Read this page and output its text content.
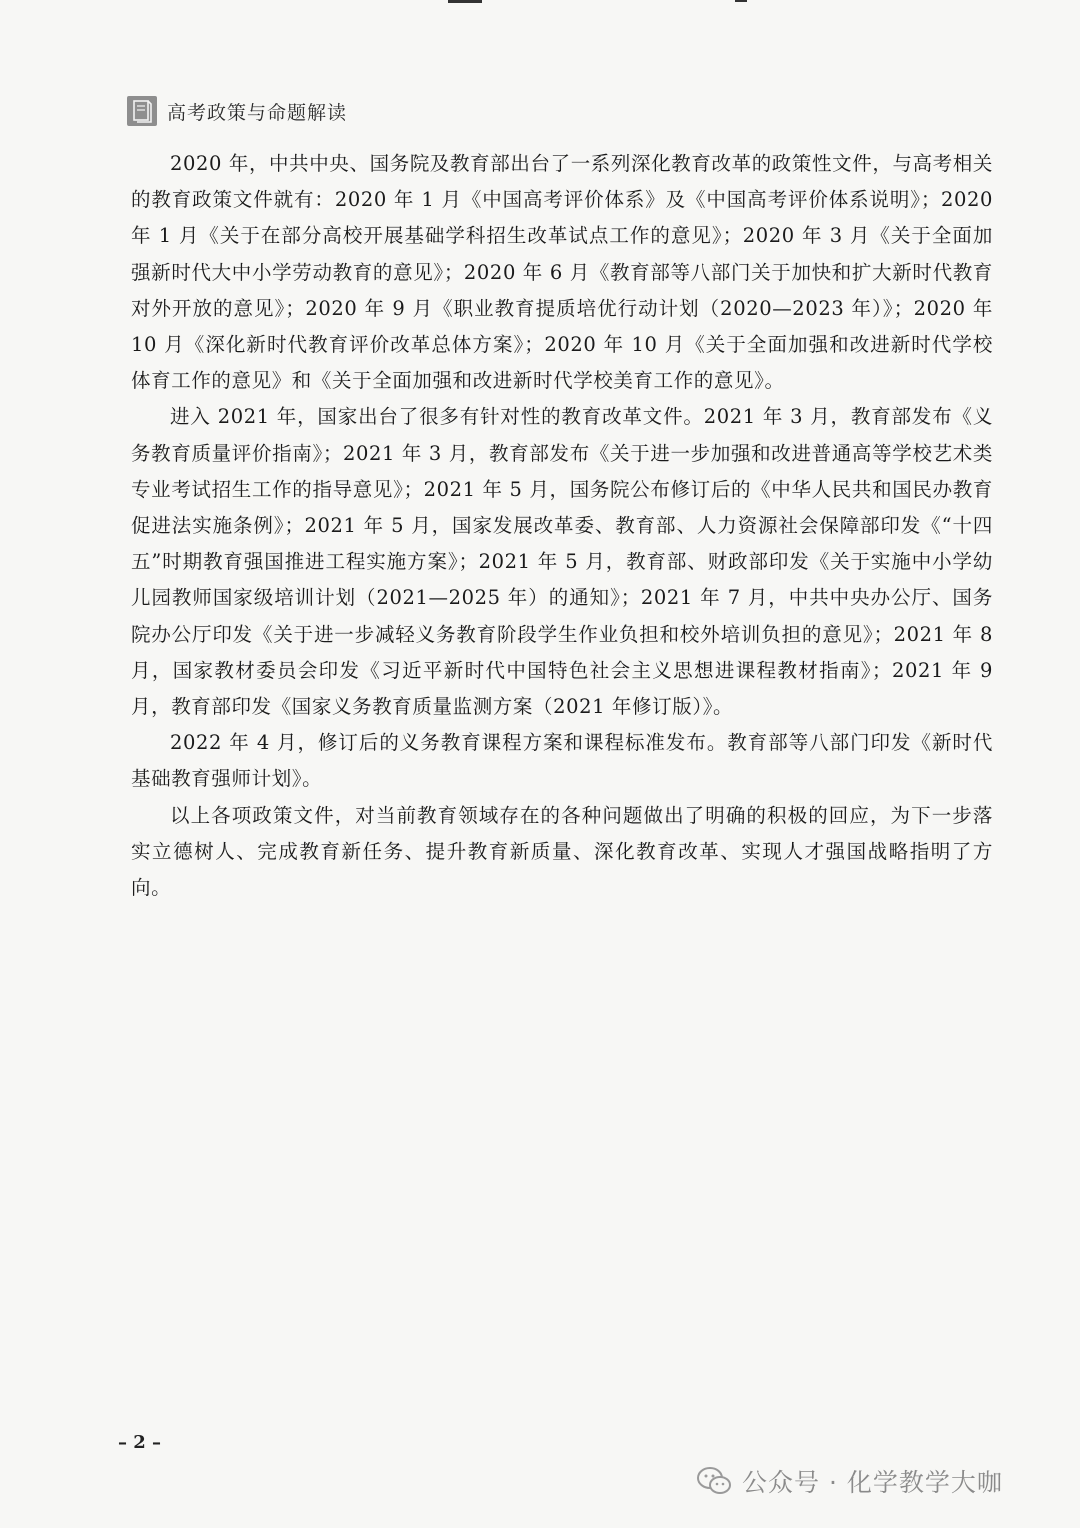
高考政策与命题解读

2020 年，中共中央、国务院及教育部出台了一系列深化教育改革的政策性文件，与高考相关的教育政策文件就有：2020 年 1 月《中国高考评价体系》及《中国高考评价体系说明》；2020 年 1 月《关于在部分高校开展基础学科招生改革试点工作的意见》；2020 年 3 月《关于全面加强新时代大中小学劳动教育的意见》；2020 年 6 月《教育部等八部门关于加快和扩大新时代教育对外开放的意见》；2020 年 9 月《职业教育提质培优行动计划（2020—2023 年）》；2020 年 10 月《深化新时代教育评价改革总体方案》；2020 年 10 月《关于全面加强和改进新时代学校体育工作的意见》和《关于全面加强和改进新时代学校美育工作的意见》。

进入 2021 年，国家出台了很多有针对性的教育改革文件。2021 年 3 月，教育部发布《义务教育质量评价指南》；2021 年 3 月，教育部发布《关于进一步加强和改进普通高等学校艺术类专业考试招生工作的指导意见》；2021 年 5 月，国务院公布修订后的《中华人民共和国民办教育促进法实施条例》；2021 年 5 月，国家发展改革委、教育部、人力资源社会保障部印发《“十四五”时期教育强国推进工程实施方案》；2021 年 5 月，教育部、财政部印发《关于实施中小学幼儿园教师国家级培训计划（2021—2025 年）的通知》；2021 年 7 月，中共中央办公厅、国务院办公厅印发《关于进一步减轻义务教育阶段学生作业负担和校外培训负担的意见》；2021 年 8 月，国家教材委员会印发《习近平新时代中国特色社会主义思想进课程教材指南》；2021 年 9 月，教育部印发《国家义务教育质量监测方案（2021 年修订版）》。

2022 年 4 月，修订后的义务教育课程方案和课程标准发布。教育部等八部门印发《新时代基础教育强师计划》。

以上各项政策文件，对当前教育领域存在的各种问题做出了明确的积极的回应，为下一步落实立德树人、完成教育新任务、提升教育新质量、深化教育改革、实现人才强国战略指明了方向。

– 2 –
公众号 · 化学教学大咖
